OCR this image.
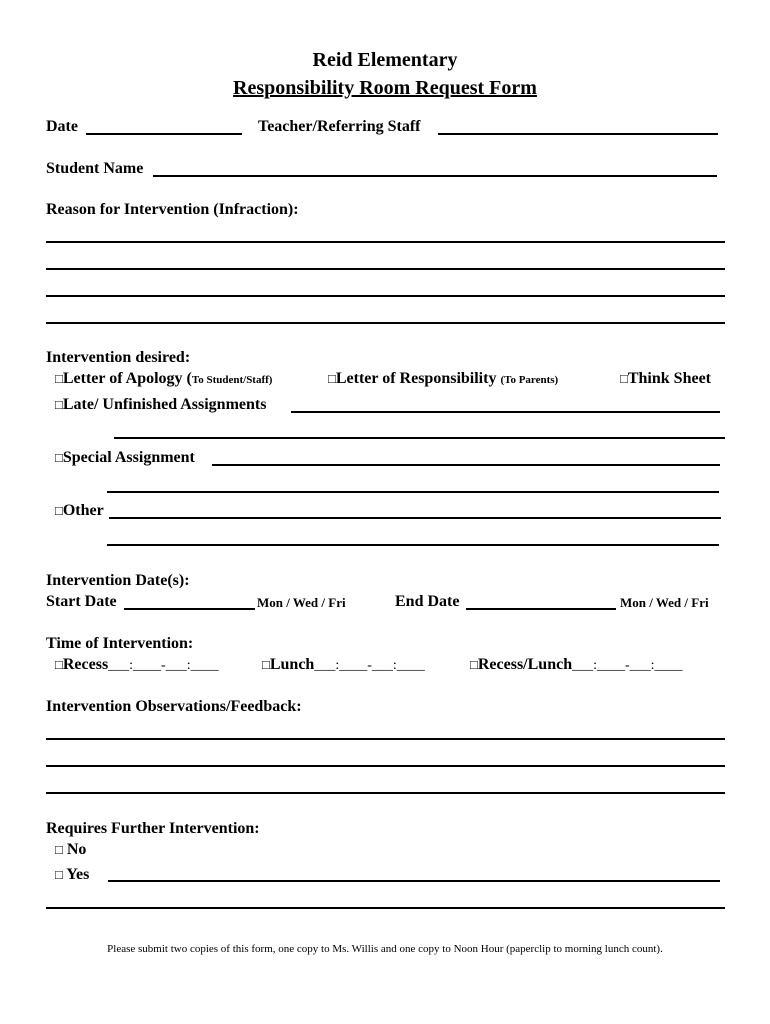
Reid Elementary
Responsibility Room Request Form
Date	Teacher/Referring Staff
Student Name
Reason for Intervention (Infraction):
Intervention desired:
□Letter of Apology (To Student/Staff)	□Letter of Responsibility (To Parents)	□Think Sheet
□Late/ Unfinished Assignments
□Special Assignment
□Other
Intervention Date(s):
Start Date	Mon / Wed / Fri	End Date	Mon / Wed / Fri
Time of Intervention:
□Recess___:____-___:____	□Lunch___:____-___:____	□Recess/Lunch___:____-___:____
Intervention Observations/Feedback:
Requires Further Intervention:
□ No
□ Yes
Please submit two copies of this form, one copy to Ms. Willis and one copy to Noon Hour (paperclip to morning lunch count).
